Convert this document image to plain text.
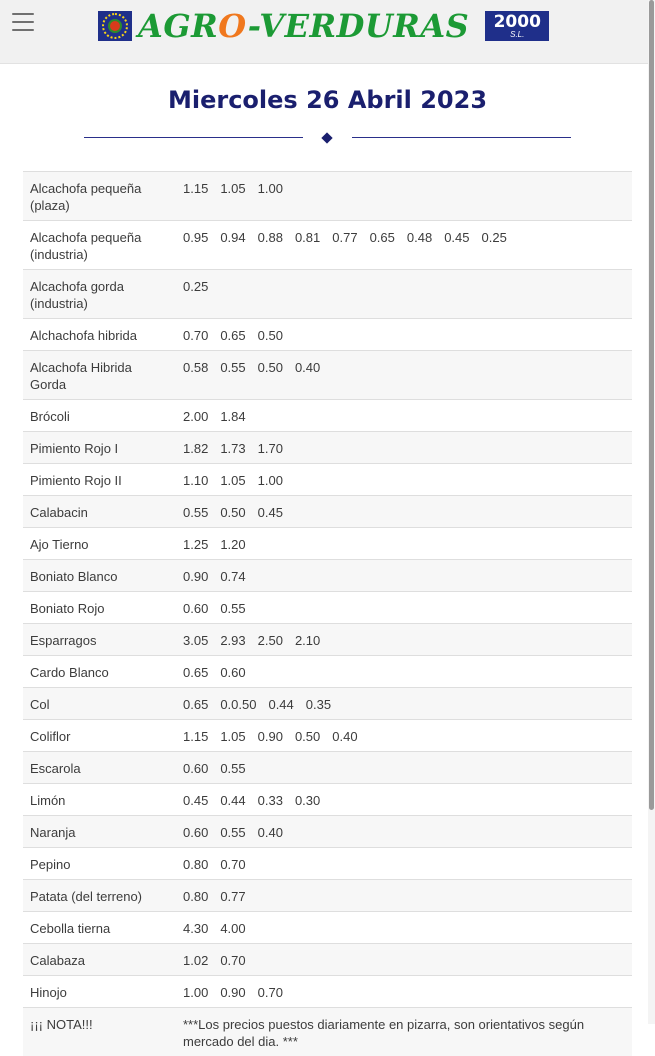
AGRO-VERDURAS 2000
S.L.
Miercoles 26 Abril 2023
Alcachofa pequeña (plaza)	1.15 1.05 1.00
Alcachofa pequeña (industria)	0.95 0.94 0.88 0.81 0.77 0.65 0.48 0.45 0.25
Alcachofa gorda (industria)	0.25
Alchachofa hibrida	0.70 0.65 0.50
Alcachofa Hibrida Gorda	0.58 0.55 0.50 0.40
Brócoli	2.00 1.84
Pimiento Rojo I	1.82 1.73 1.70
Pimiento Rojo II	1.10 1.05 1.00
Calabacin	0.55 0.50 0.45
Ajo Tierno	1.25 1.20
Boniato Blanco	0.90 0.74
Boniato Rojo	0.60 0.55
Esparragos	3.05 2.93 2.50 2.10
Cardo Blanco	0.65 0.60
Col	0.65 0.0.50 0.44 0.35
Coliflor	1.15 1.05 0.90 0.50 0.40
Escarola	0.60 0.55
Limón	0.45 0.44 0.33 0.30
Naranja	0.60 0.55 0.40
Pepino	0.80 0.70
Patata (del terreno)	0.80 0.77
Cebolla tierna	4.30 4.00
Calabaza	1.02 0.70
Hinojo	1.00 0.90 0.70
¡¡¡ NOTA!!!	***Los precios puestos diariamente en pizarra, son orientativos según mercado del dia. ***
